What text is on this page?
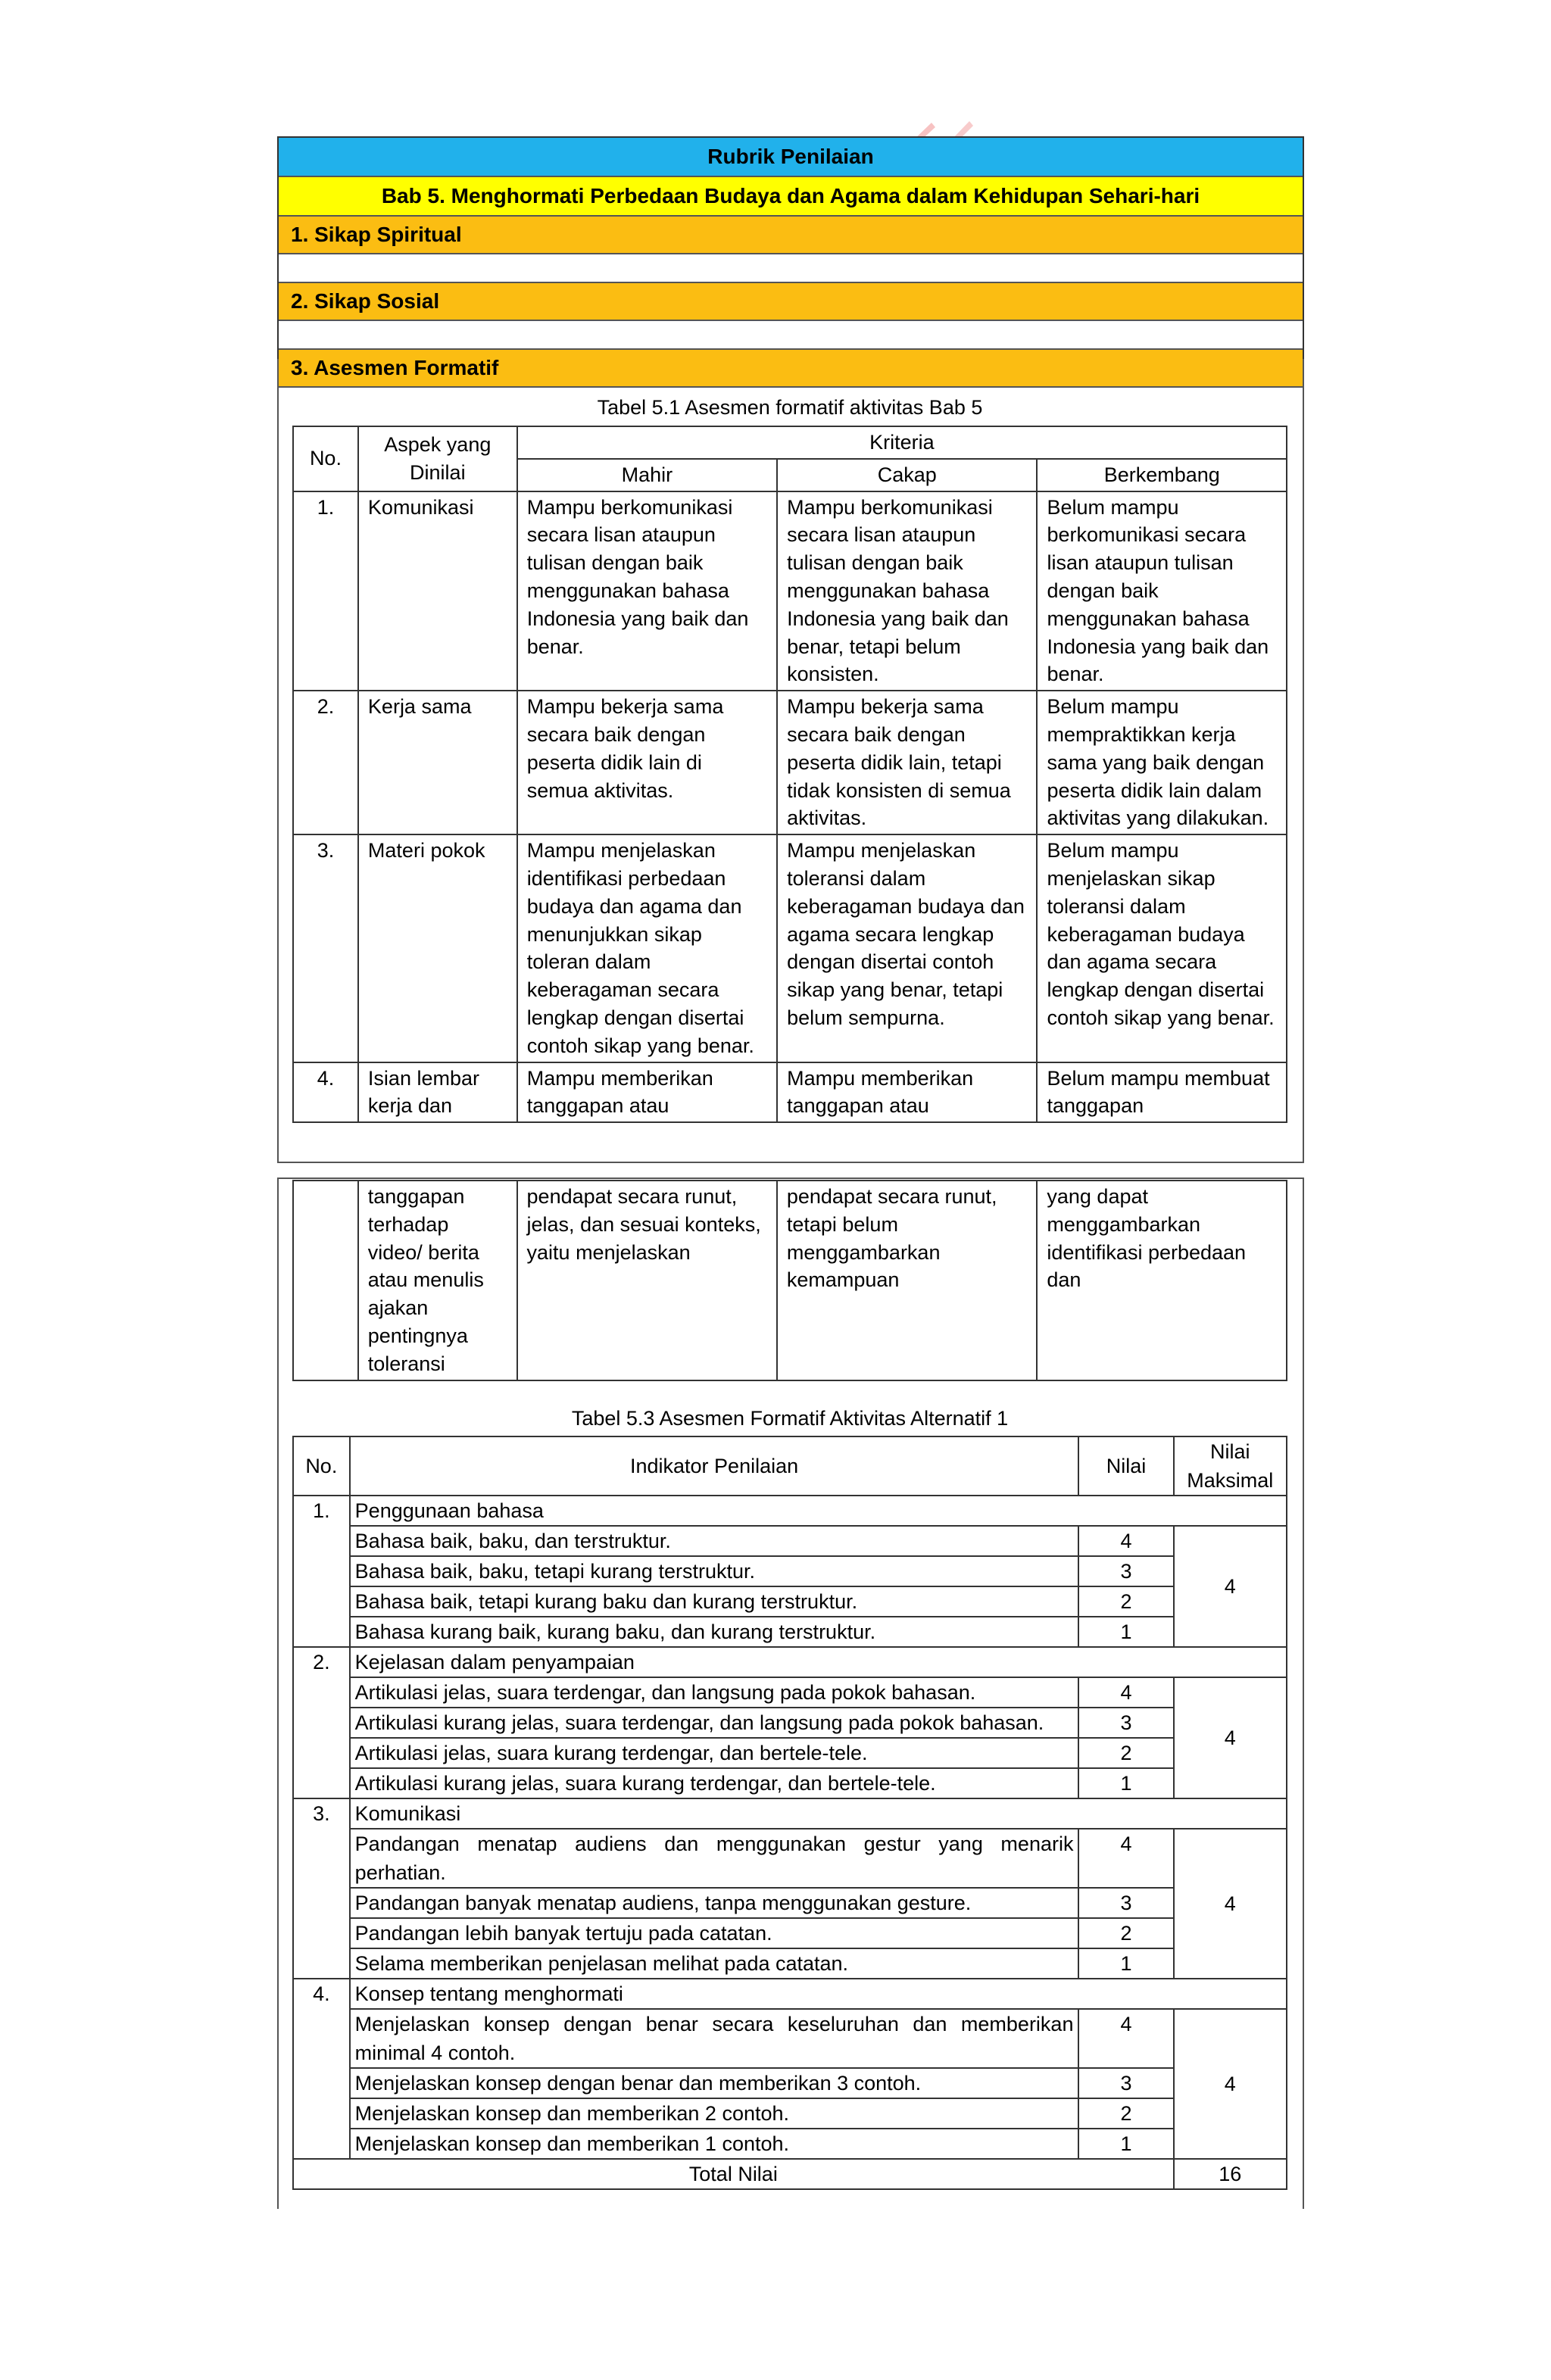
Rubrik Penilaian
Bab 5. Menghormati Perbedaan Budaya dan Agama dalam Kehidupan Sehari-hari
1. Sikap Spiritual
2. Sikap Sosial
3. Asesmen Formatif
Tabel 5.1 Asesmen formatif aktivitas Bab 5
No.	Aspek yang Dinilai	Kriteria		
		Mahir	Cakap	Berkembang
1.	Komunikasi	Mampu berkomunikasi secara lisan ataupun tulisan dengan baik menggunakan bahasa Indonesia yang baik dan benar.	Mampu berkomunikasi secara lisan ataupun tulisan dengan baik menggunakan bahasa Indonesia yang baik dan benar, tetapi belum konsisten.	Belum mampu berkomunikasi secara lisan ataupun tulisan dengan baik menggunakan bahasa Indonesia yang baik dan benar.
2.	Kerja sama	Mampu bekerja sama secara baik dengan peserta didik lain di semua aktivitas.	Mampu bekerja sama secara baik dengan peserta didik lain, tetapi tidak konsisten di semua aktivitas.	Belum mampu mempraktikkan kerja sama yang baik dengan peserta didik lain dalam aktivitas yang dilakukan.
3.	Materi pokok	Mampu menjelaskan identifikasi perbedaan budaya dan agama dan menunjukkan sikap toleran dalam keberagaman secara lengkap dengan disertai contoh sikap yang benar.	Mampu menjelaskan toleransi dalam keberagaman budaya dan agama secara lengkap dengan disertai contoh sikap yang benar, tetapi belum sempurna.	Belum mampu menjelaskan sikap toleransi dalam keberagaman budaya dan agama secara lengkap dengan disertai contoh sikap yang benar.
4.	Isian lembar kerja dan	Mampu memberikan tanggapan atau	Mampu memberikan tanggapan atau	Belum mampu membuat tanggapan
	tanggapan terhadap video/ berita atau menulis ajakan pentingnya toleransi	pendapat secara runut, jelas, dan sesuai konteks, yaitu menjelaskan	pendapat secara runut, tetapi belum menggambarkan kemampuan	yang dapat menggambarkan identifikasi perbedaan dan
Tabel 5.3 Asesmen Formatif Aktivitas Alternatif 1
No.	Indikator Penilaian	Nilai	Nilai Maksimal
1.	Penggunaan bahasa		
	Bahasa baik, baku, dan terstruktur.	4	4
	Bahasa baik, baku, tetapi kurang terstruktur.	3	
	Bahasa baik, tetapi kurang baku dan kurang terstruktur.	2	
	Bahasa kurang baik, kurang baku, dan kurang terstruktur.	1	
2.	Kejelasan dalam penyampaian		
	Artikulasi jelas, suara terdengar, dan langsung pada pokok bahasan.	4	4
	Artikulasi kurang jelas, suara terdengar, dan langsung pada pokok bahasan.	3	
	Artikulasi jelas, suara kurang terdengar, dan bertele-tele.	2	
	Artikulasi kurang jelas, suara kurang terdengar, dan bertele-tele.	1	
3.	Komunikasi		
	Pandangan menatap audiens dan menggunakan gestur yang menarik perhatian.	4	4
	Pandangan banyak menatap audiens, tanpa menggunakan gesture.	3	
	Pandangan lebih banyak tertuju pada catatan.	2	
	Selama memberikan penjelasan melihat pada catatan.	1	
4.	Konsep tentang menghormati		
	Menjelaskan konsep dengan benar secara keseluruhan dan memberikan minimal 4 contoh.	4	4
	Menjelaskan konsep dengan benar dan memberikan 3 contoh.	3	
	Menjelaskan konsep dan memberikan 2 contoh.	2	
	Menjelaskan konsep dan memberikan 1 contoh.	1	
Total Nilai			16
